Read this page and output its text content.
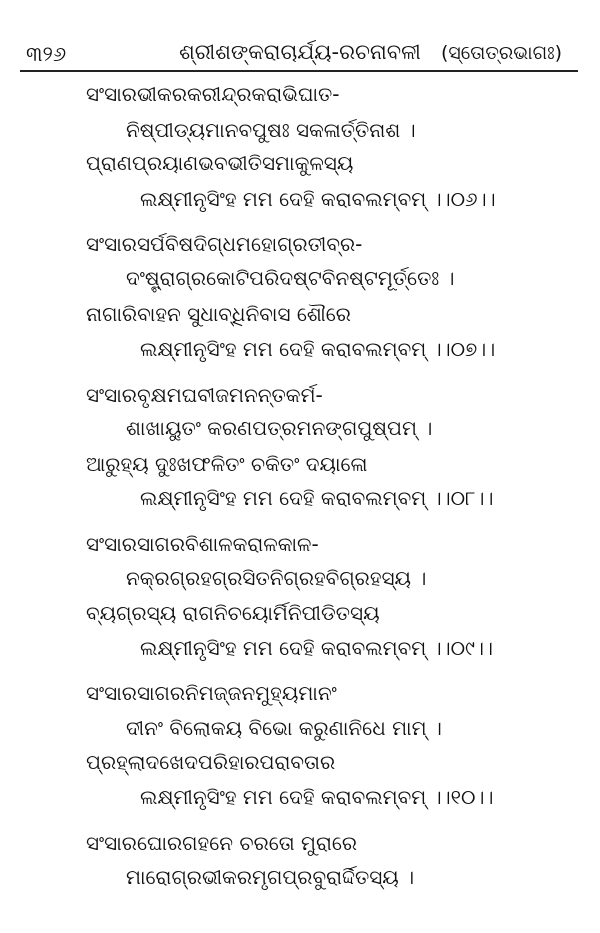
୩୨୬	ଶ୍ରୀଶଙ୍କରାଚାର୍ଯ୍ୟ-ରଚନାବଳୀ	(ସ୍ତୋତ୍ରଭାଗଃ)
ସଂସାରଭୀକରକରୀନ୍ଦ୍ରକରାଭିଘାତ-
ନିଷ୍ପୀଡ୍ୟମାନବପୁଷଃ ସକଳାର୍ତ୍ତିନାଶ ।
ପ୍ରାଣପ୍ରୟାଣଭବଭୀତିସମାକୁଳସ୍ୟ
ଲକ୍ଷ୍ମୀନୃସିଂହ ମମ ଦେହି କରାବଲମ୍ବମ୍ ।।୦୬।।
ସଂସାରସର୍ପବିଷଦିଗ୍ଧମହୋଗ୍ରତୀବ୍ର-
ଦଂଷ୍ଟ୍ରାଗ୍ରକୋଟିପରିଦଷ୍ଟବିନଷ୍ଟମୂର୍ତ୍ତେଃ ।
ନାଗାରିବାହନ ସୁଧାବ୍ଧିନିବାସ ଶୌରେ
ଲକ୍ଷ୍ମୀନୃସିଂହ ମମ ଦେହି କରାବଲମ୍ବମ୍ ।।୦୭।।
ସଂସାରବୃକ୍ଷମଘବୀଜମନନ୍ତକର୍ମ-
ଶାଖାୟୁତଂ କରଣପତ୍ରମନଙ୍ଗପୁଷ୍ପମ୍ ।
ଆରୁହ୍ୟ ଦୁଃଖଫଳିତଂ ଚକିତଂ ଦୟାଳୋ
ଲକ୍ଷ୍ମୀନୃସିଂହ ମମ ଦେହି କରାବଲମ୍ବମ୍ ।।୦୮।।
ସଂସାରସାଗରବିଶାଳକରାଳକାଳ-
ନକ୍ରଗ୍ରହଗ୍ରସିତନିଗ୍ରହବିଗ୍ରହସ୍ୟ ।
ବ୍ୟଗ୍ରସ୍ୟ ରାଗନିଚୟୋର୍ମିନିପୀଡିତସ୍ୟ
ଲକ୍ଷ୍ମୀନୃସିଂହ ମମ ଦେହି କରାବଲମ୍ବମ୍ ।।୦୯।।
ସଂସାରସାଗରନିମଜ୍ଜନମୁହ୍ୟମାନଂ
ଦୀନଂ ବିଲୋକୟ ବିଭୋ କରୁଣାନିଧେ ମାମ୍ ।
ପ୍ରହ୍ଲାଦଖେଦପରିହାରପରାବତାର
ଲକ୍ଷ୍ମୀନୃସିଂହ ମମ ଦେହି କରାବଲମ୍ବମ୍ ।।୧୦।।
ସଂସାରଘୋରଗହନେ ଚରତୋ ମୁରାରେ
ମାରୋଗ୍ରଭୀକରମୃଗପ୍ରବୁରାର୍ଦ୍ଦିତସ୍ୟ ।
